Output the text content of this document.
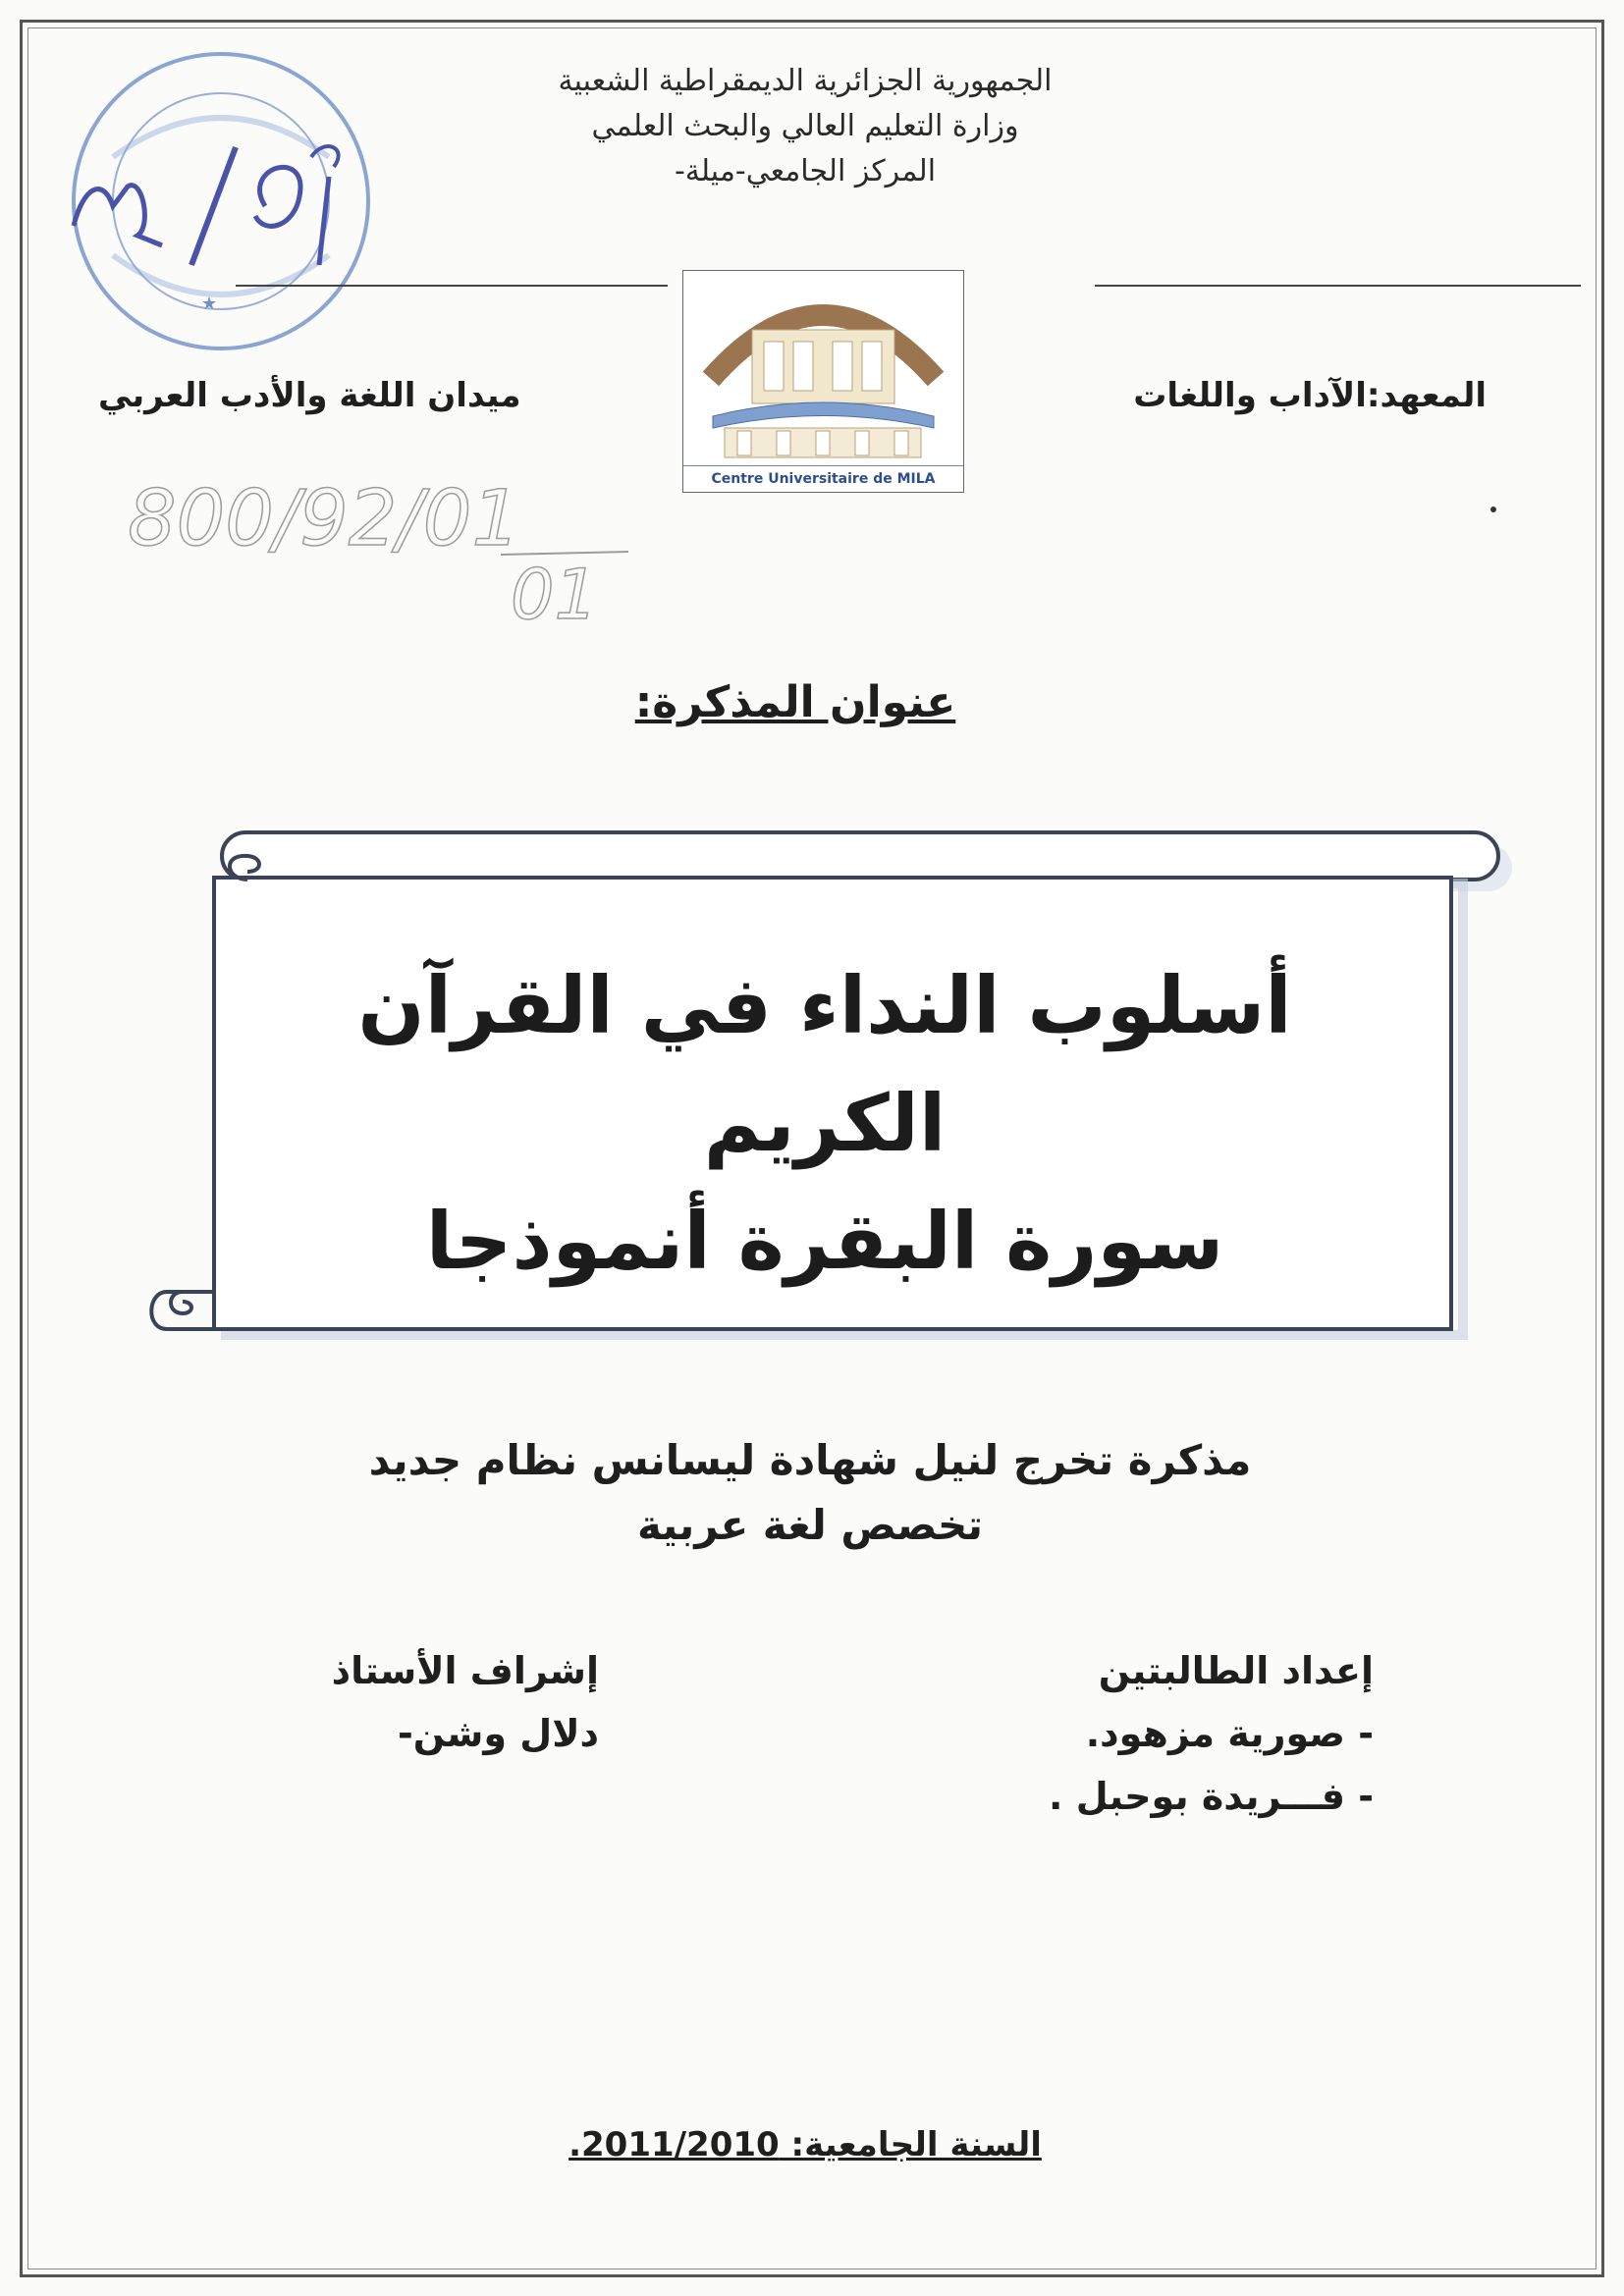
★
الجمهورية الجزائرية الديمقراطية الشعبية
وزارة التعليم العالي والبحث العلمي
المركز الجامعي-ميلة-
Centre Universitaire de MILA
المعهد:الآداب واللغات
ميدان اللغة والأدب العربي
800/92/01
01
عنوان المذكرة:
أسلوب النداء في القرآن الكريم
سورة البقرة أنموذجا
مذكرة تخرج لنيل شهادة ليسانس نظام جديد
تخصص لغة عربية
إعداد الطالبتين
- صورية مزهود.
- فـــريدة بوحبل .
إشراف الأستاذ
دلال وشن-
السنة الجامعية: 2011/2010.
